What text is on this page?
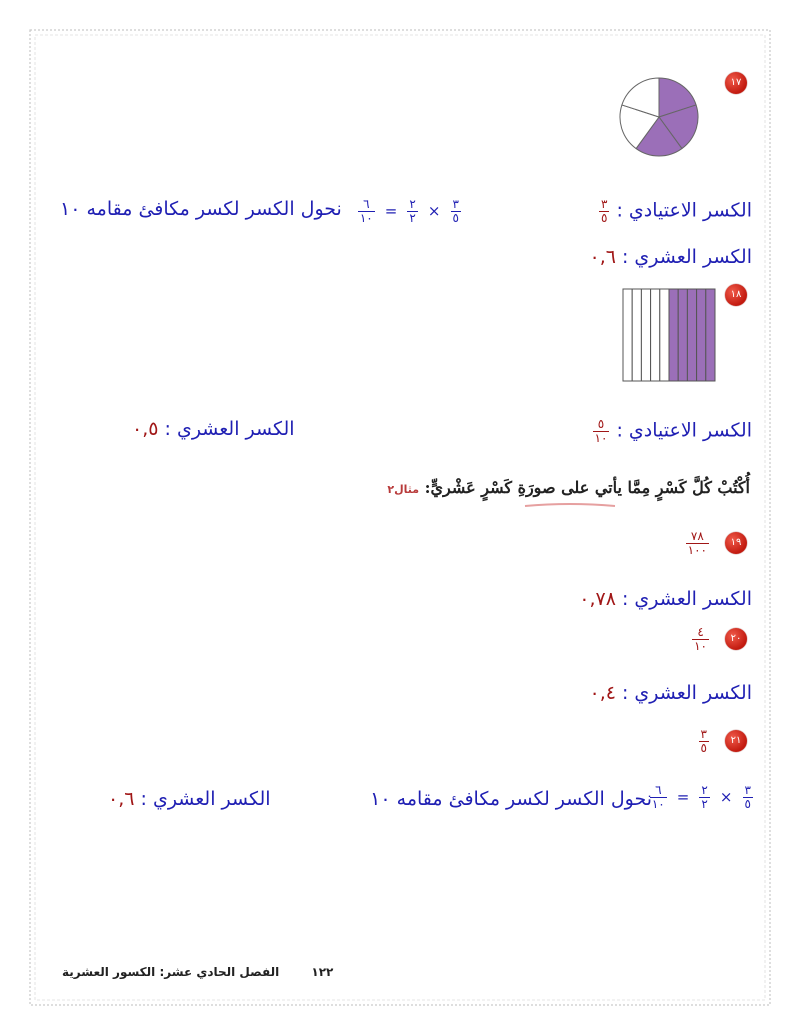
١٧
الكسر الاعتيادي :
$\frac{٣}{٥}$
$\frac{٦}{١٠} = \frac{٢}{٢} \times \frac{٣}{٥}$
نحول الكسر لكسر مكافئ مقامه ١٠
الكسر العشري : ٠,٦
١٨
الكسر الاعتيادي :
$\frac{٥}{١٠}$
الكسر العشري : ٠,٥
أُكْتُبْ كُلَّ كَسْرٍ مِمَّا يأتي على صورَةِ كَسْرٍ عَشْريٍّ: مثال٢
١٩
$\frac{٧٨}{١٠٠}$
الكسر العشري : ٠,٧٨
٢٠
$\frac{٤}{١٠}$
الكسر العشري : ٠,٤
٢١
$\frac{٣}{٥}$
$\frac{٦}{١٠} = \frac{٢}{٢} \times \frac{٣}{٥}$
نحول الكسر لكسر مكافئ مقامه ١٠
الكسر العشري : ٠,٦
١٢٢ الفصل الحادي عشر: الكسور العشرية
